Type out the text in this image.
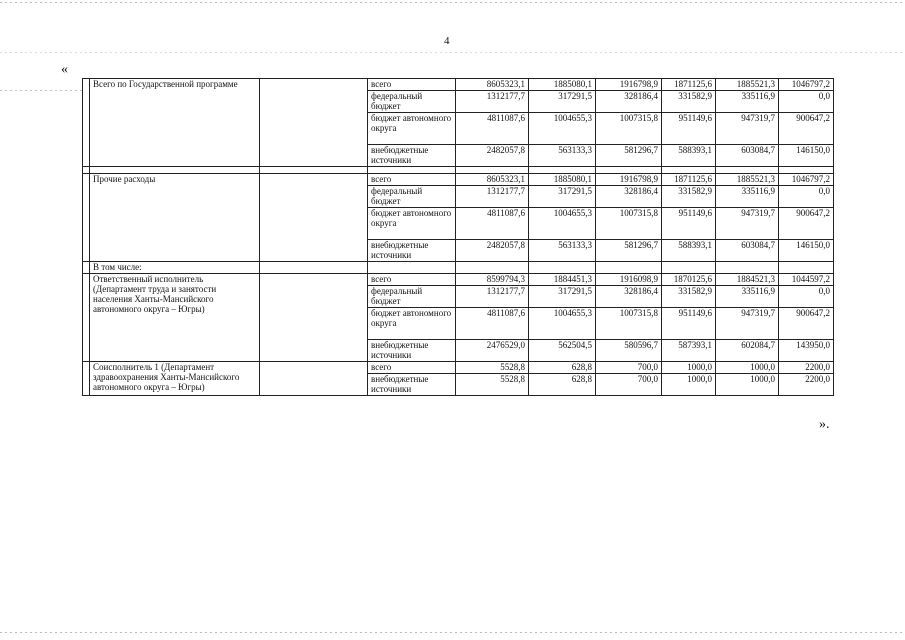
4
«
	Всего по Государственной программе		всего	8605323,1	1885080,1	1916798,9	1871125,6	1885521,3	1046797,2
			федеральный бюджет	1312177,7	317291,5	328186,4	331582,9	335116,9	0,0
			бюджет автономного округа	4811087,6	1004655,3	1007315,8	951149,6	947319,7	900647,2
			внебюджетные источники	2482057,8	563133,3	581296,7	588393,1	603084,7	146150,0

	Прочие расходы		всего	8605323,1	1885080,1	1916798,9	1871125,6	1885521,3	1046797,2
			федеральный бюджет	1312177,7	317291,5	328186,4	331582,9	335116,9	0,0
			бюджет автономного округа	4811087,6	1004655,3	1007315,8	951149,6	947319,7	900647,2
			внебюджетные источники	2482057,8	563133,3	581296,7	588393,1	603084,7	146150,0
	В том числе:								
	Ответственный исполнитель (Департамент труда и занятости населения Ханты-Мансийского автономного округа – Югры)		всего	8599794,3	1884451,3	1916098,9	1870125,6	1884521,3	1044597,2
			федеральный бюджет	1312177,7	317291,5	328186,4	331582,9	335116,9	0,0
			бюджет автономного округа	4811087,6	1004655,3	1007315,8	951149,6	947319,7	900647,2
			внебюджетные источники	2476529,0	562504,5	580596,7	587393,1	602084,7	143950,0
	Соисполнитель 1 (Департамент здравоохранения Ханты-Мансийского автономного округа – Югры)		всего	5528,8	628,8	700,0	1000,0	1000,0	2200,0
			внебюджетные источники	5528,8	628,8	700,0	1000,0	1000,0	2200,0
».
